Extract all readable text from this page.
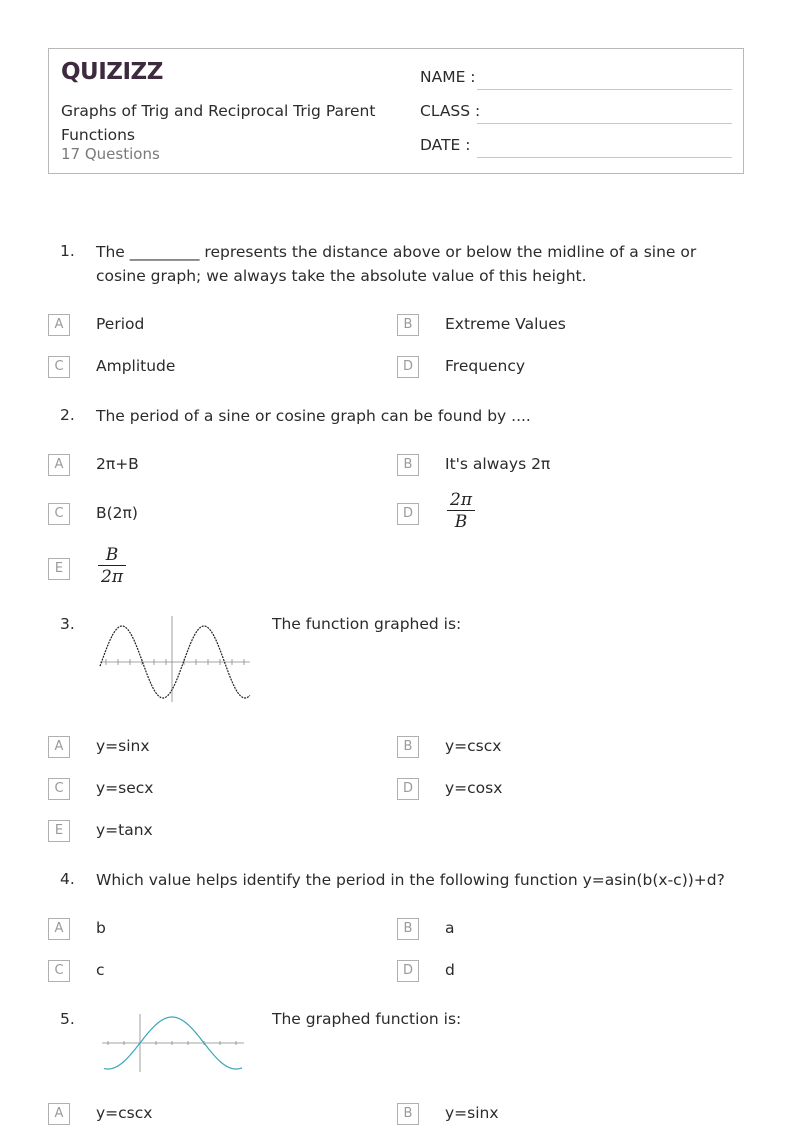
QUIZIZZ
Graphs of Trig and Reciprocal Trig Parent Functions
17 Questions
NAME :
CLASS :
DATE :
1. The _________ represents the distance above or below the midline of a sine or cosine graph; we always take the absolute value of this height.
A	Period	B	Extreme Values
C	Amplitude	D	Frequency
2. The period of a sine or cosine graph can be found by ....
A	2π+B	B	It's always 2π
C	B(2π)	D
2π
B
E
B
2π
3.	The function graphed is:
A	y=sinx	B	y=cscx
C	y=secx	D	y=cosx
E	y=tanx
4. Which value helps identify the period in the following function y=asin(b(x-c))+d?
A	b	B	a
C	c	D	d
5.	The graphed function is:
A	y=cscx	B	y=sinx
